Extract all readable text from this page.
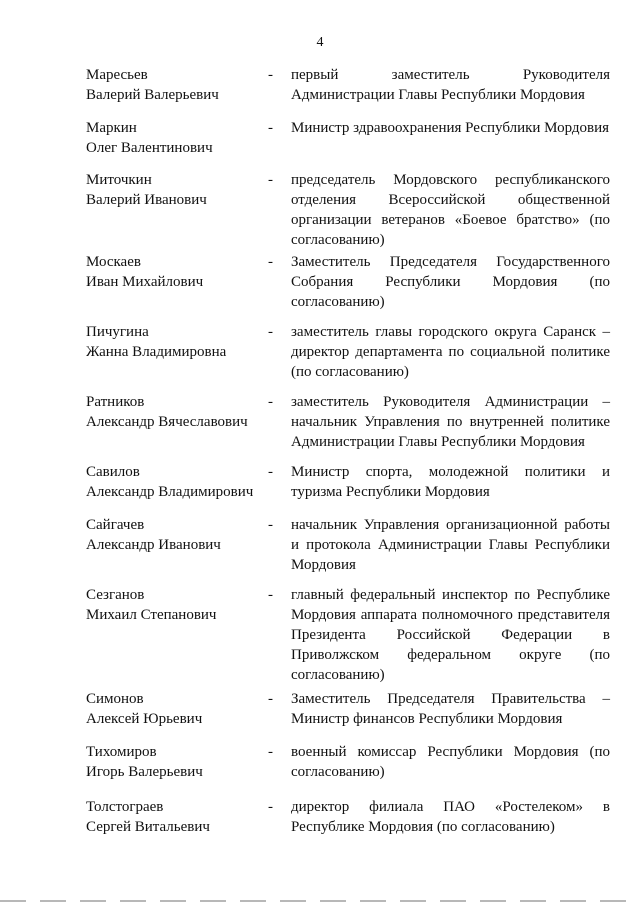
4
Маресьев
Валерий Валерьевич
- первый заместитель Руководителя Администрации Главы Республики Мордовия
Маркин
Олег Валентинович
- Министр здравоохранения Республики Мордовия
Миточкин
Валерий Иванович
- председатель Мордовского республиканского отделения Всероссийской общественной организации ветеранов «Боевое братство» (по согласованию)
Москаев
Иван Михайлович
- Заместитель Председателя Государственного Собрания Республики Мордовия (по согласованию)
Пичугина
Жанна Владимировна
- заместитель главы городского округа Саранск – директор департамента по социальной политике (по согласованию)
Ратников
Александр Вячеславович
- заместитель Руководителя Администрации – начальник Управления по внутренней политике Администрации Главы Республики Мордовия
Савилов
Александр Владимирович
- Министр спорта, молодежной политики и туризма Республики Мордовия
Сайгачев
Александр Иванович
- начальник Управления организационной работы и протокола Администрации Главы Республики Мордовия
Сезганов
Михаил Степанович
- главный федеральный инспектор по Республике Мордовия аппарата полномочного представителя Президента Российской Федерации в Приволжском федеральном округе (по согласованию)
Симонов
Алексей Юрьевич
- Заместитель Председателя Правительства – Министр финансов Республики Мордовия
Тихомиров
Игорь Валерьевич
- военный комиссар Республики Мордовия (по согласованию)
Толстограев
Сергей Витальевич
- директор филиала ПАО «Ростелеком» в Республике Мордовия (по согласованию)
